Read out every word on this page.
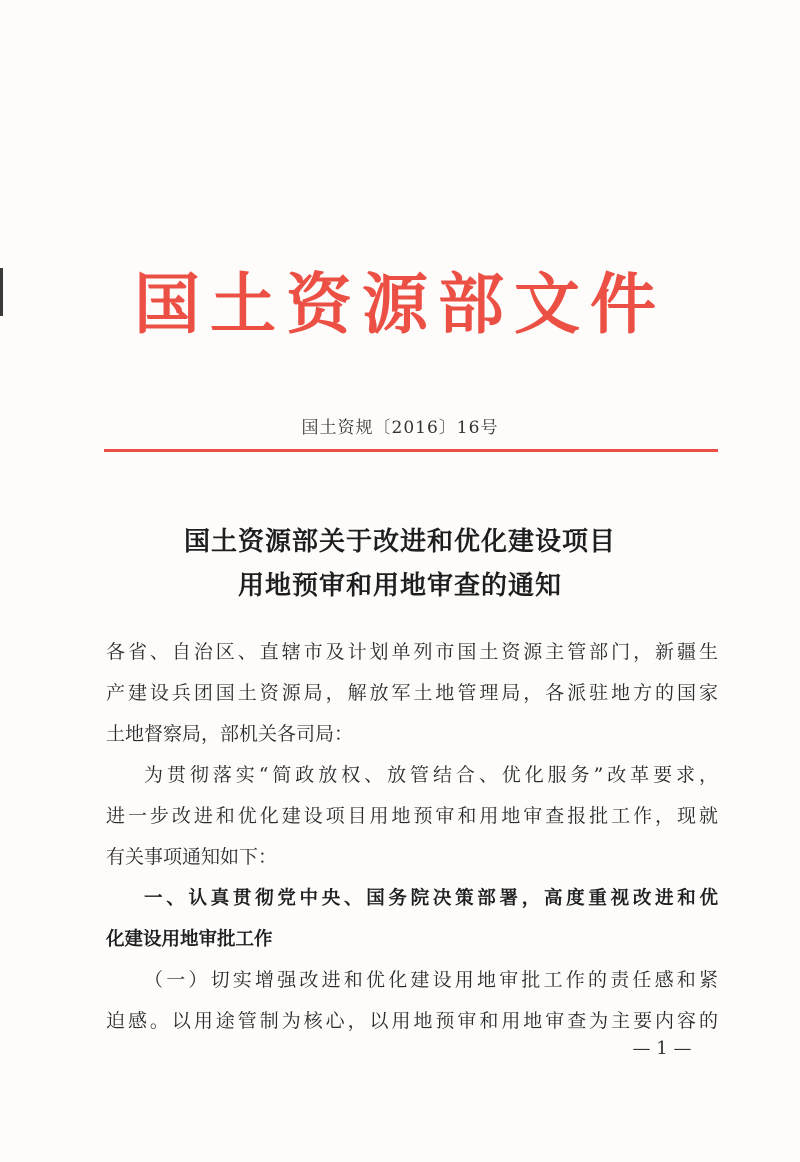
国土资源部文件
国土资规〔2016〕16号
国土资源部关于改进和优化建设项目
用地预审和用地审查的通知
各省、自治区、直辖市及计划单列市国土资源主管部门，新疆生
产建设兵团国土资源局，解放军土地管理局，各派驻地方的国家
土地督察局，部机关各司局：
为贯彻落实“简政放权、放管结合、优化服务”改革要求，
进一步改进和优化建设项目用地预审和用地审查报批工作，现就
有关事项通知如下：
一、认真贯彻党中央、国务院决策部署，高度重视改进和优
化建设用地审批工作
（一）切实增强改进和优化建设用地审批工作的责任感和紧
迫感。以用途管制为核心，以用地预审和用地审查为主要内容的
— 1 —
